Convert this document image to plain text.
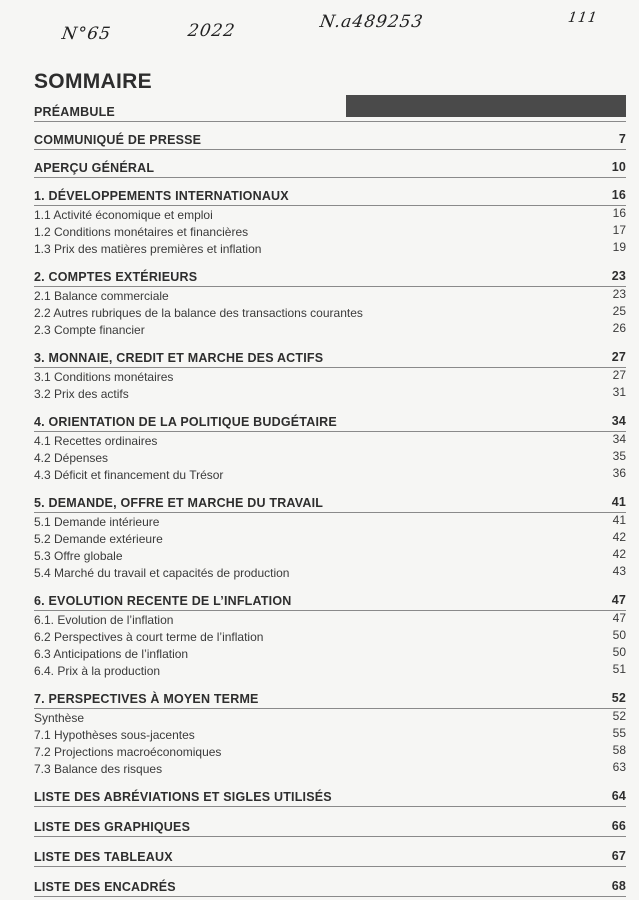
N°65	2022	N.a489253	111
SOMMAIRE
PRÉAMBULE
COMMUNIQUÉ DE PRESSE	7
APERÇU GÉNÉRAL	10
1. DÉVELOPPEMENTS INTERNATIONAUX	16
1.1 Activité économique et emploi	16
1.2 Conditions monétaires et financières	17
1.3 Prix des matières premières et inflation	19
2. COMPTES EXTÉRIEURS	23
2.1 Balance commerciale	23
2.2 Autres rubriques de la balance des transactions courantes	25
2.3 Compte financier	26
3. MONNAIE, CREDIT ET MARCHE DES ACTIFS	27
3.1 Conditions monétaires	27
3.2 Prix des actifs	31
4. ORIENTATION DE LA POLITIQUE BUDGÉTAIRE	34
4.1 Recettes ordinaires	34
4.2 Dépenses	35
4.3 Déficit et financement du Trésor	36
5. DEMANDE, OFFRE ET MARCHE DU TRAVAIL	41
5.1 Demande intérieure	41
5.2 Demande extérieure	42
5.3 Offre globale	42
5.4 Marché du travail et capacités de production	43
6. EVOLUTION RECENTE DE L’INFLATION	47
6.1. Evolution de l’inflation	47
6.2 Perspectives à court terme de l’inflation	50
6.3 Anticipations de l’inflation	50
6.4. Prix à la production	51
7. PERSPECTIVES À MOYEN TERME	52
Synthèse	52
7.1 Hypothèses sous-jacentes	55
7.2 Projections macroéconomiques	58
7.3 Balance des risques	63
LISTE DES ABRÉVIATIONS ET SIGLES UTILISÉS	64
LISTE DES GRAPHIQUES	66
LISTE DES TABLEAUX	67
LISTE DES ENCADRÉS	68
